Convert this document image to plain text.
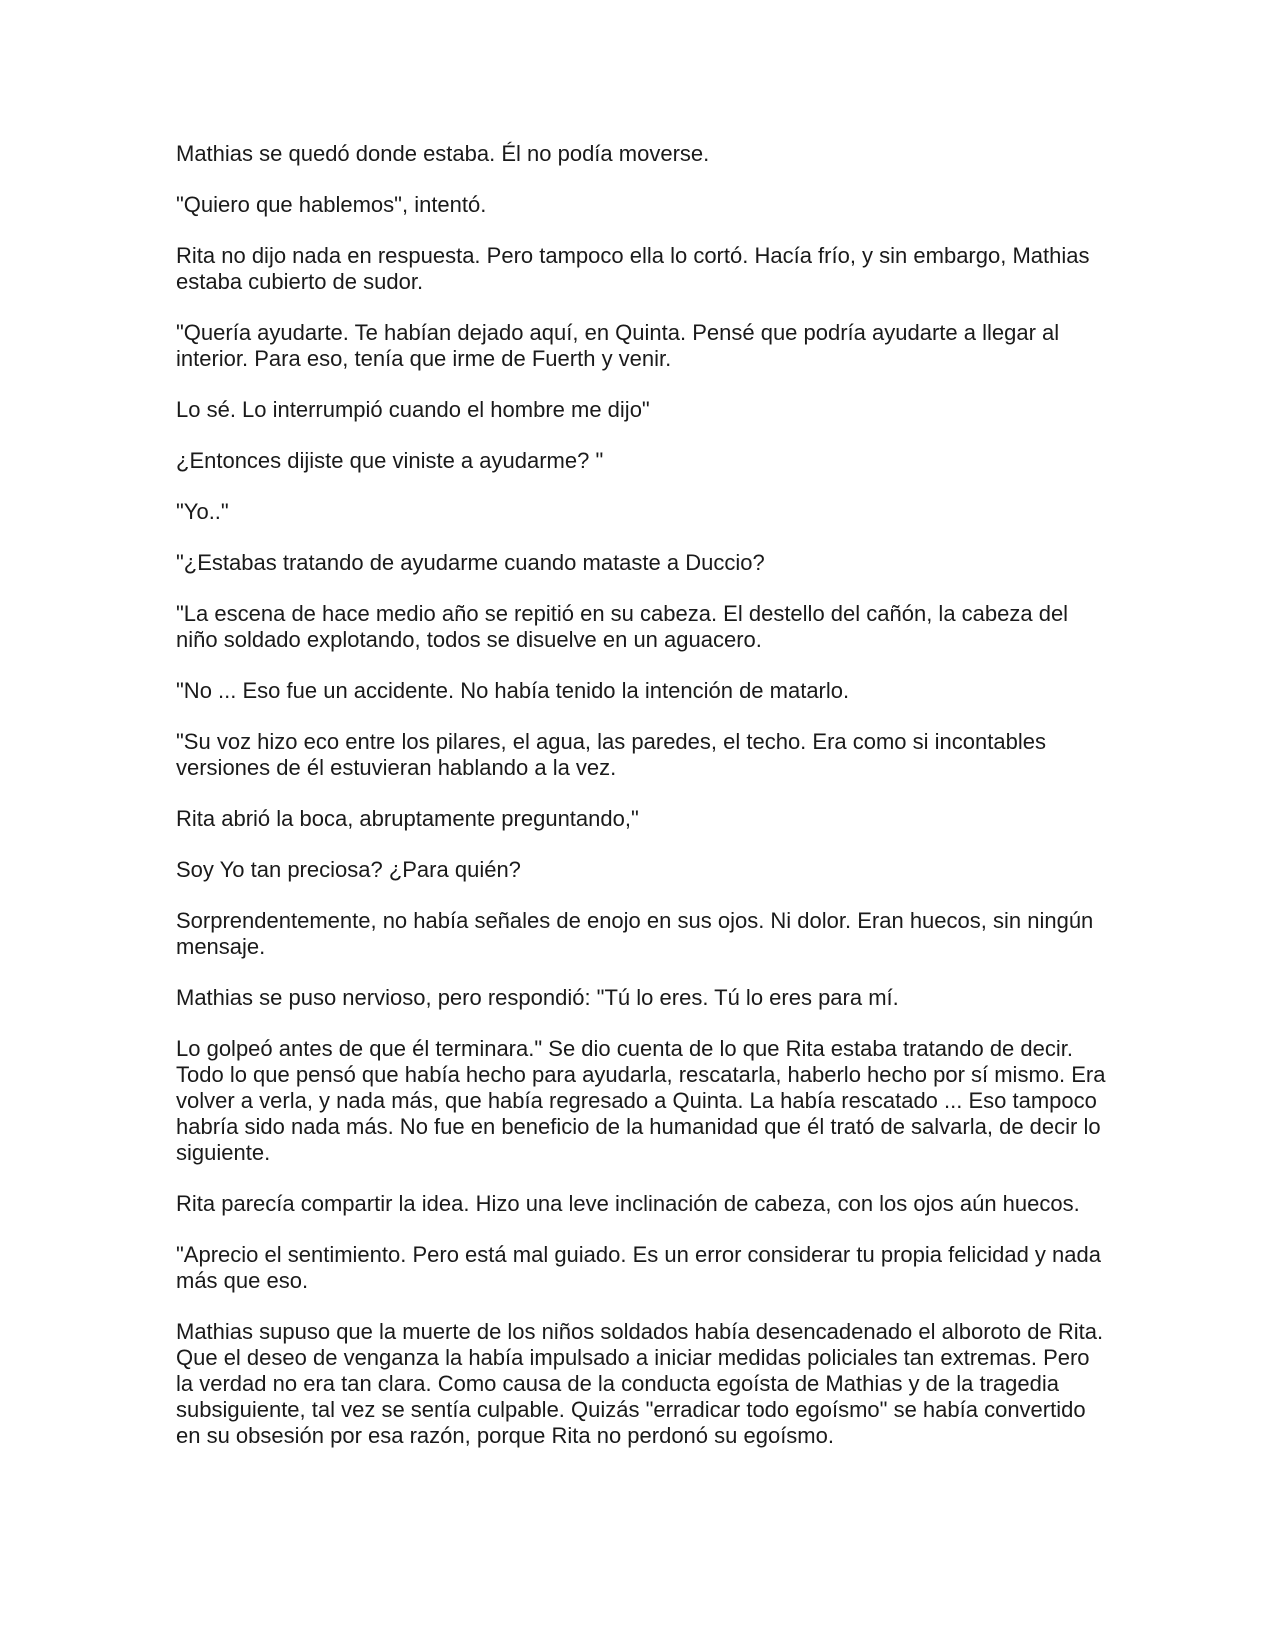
Mathias se quedó donde estaba. Él no podía moverse.

"Quiero que hablemos", intentó.

Rita no dijo nada en respuesta. Pero tampoco ella lo cortó. Hacía frío, y sin embargo, Mathias estaba cubierto de sudor.

"Quería ayudarte. Te habían dejado aquí, en Quinta. Pensé que podría ayudarte a llegar al interior. Para eso, tenía que irme de Fuerth y venir.

Lo sé. Lo interrumpió cuando el hombre me dijo"

¿Entonces dijiste que viniste a ayudarme? "

"Yo.."

"¿Estabas tratando de ayudarme cuando mataste a Duccio?

"La escena de hace medio año se repitió en su cabeza. El destello del cañón, la cabeza del niño soldado explotando, todos se disuelve en un aguacero.

"No ... Eso fue un accidente. No había tenido la intención de matarlo.

"Su voz hizo eco entre los pilares, el agua, las paredes, el techo. Era como si incontables versiones de él estuvieran hablando a la vez.

Rita abrió la boca, abruptamente preguntando,"

Soy Yo tan preciosa? ¿Para quién?

Sorprendentemente, no había señales de enojo en sus ojos. Ni dolor. Eran huecos, sin ningún mensaje.

Mathias se puso nervioso, pero respondió: "Tú lo eres. Tú lo eres para mí.

Lo golpeó antes de que él terminara." Se dio cuenta de lo que Rita estaba tratando de decir. Todo lo que pensó que había hecho para ayudarla, rescatarla, haberlo hecho por sí mismo. Era volver a verla, y nada más, que había regresado a Quinta. La había rescatado ... Eso tampoco habría sido nada más. No fue en beneficio de la humanidad que él trató de salvarla, de decir lo siguiente.

Rita parecía compartir la idea. Hizo una leve inclinación de cabeza, con los ojos aún huecos.

"Aprecio el sentimiento. Pero está mal guiado. Es un error considerar tu propia felicidad y nada más que eso.

Mathias supuso que la muerte de los niños soldados había desencadenado el alboroto de Rita. Que el deseo de venganza la había impulsado a iniciar medidas policiales tan extremas. Pero la verdad no era tan clara. Como causa de la conducta egoísta de Mathias y de la tragedia subsiguiente, tal vez se sentía culpable. Quizás "erradicar todo egoísmo" se había convertido en su obsesión por esa razón, porque Rita no perdonó su egoísmo.
